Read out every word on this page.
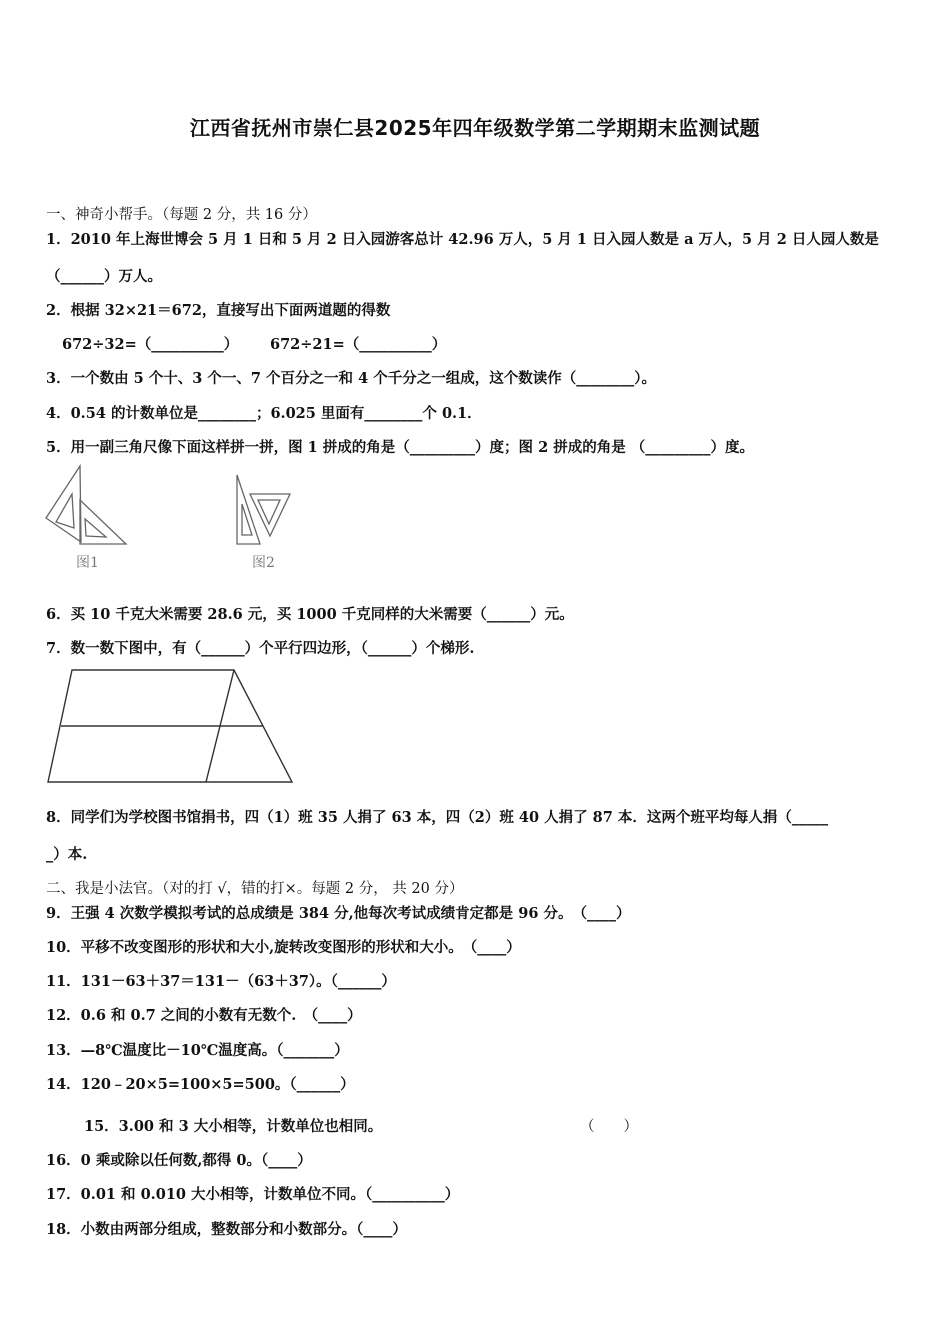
江西省抚州市崇仁县2025年四年级数学第二学期期末监测试题
一、神奇小帮手。（每题 2 分，共 16 分）
1．2010 年上海世博会 5 月 1 日和 5 月 2 日入园游客总计 42.96 万人，5 月 1 日入园人数是 a 万人，5 月 2 日人园人数是
（______）万人。
2．根据 32×21＝672，直接写出下面两道题的得数
672÷32=（__________） 672÷21=（__________）
3．一个数由 5 个十、3 个一、7 个百分之一和 4 个千分之一组成，这个数读作（________）。
4．0.54 的计数单位是________；6.025 里面有________个 0.1．
5．用一副三角尺像下面这样拼一拼，图 1 拼成的角是（_________）度；图 2 拼成的角是 （_________）度。
图1	图2
6．买 10 千克大米需要 28.6 元，买 1000 千克同样的大米需要（______）元。
7．数一数下图中，有（______）个平行四边形，（______）个梯形.
8．同学们为学校图书馆捐书，四（1）班 35 人捐了 63 本，四（2）班 40 人捐了 87 本．这两个班平均每人捐（_____
_）本.
二、我是小法官。（对的打 √，错的打×。每题 2 分， 共 20 分）
9．王强 4 次数学模拟考试的总成绩是 384 分,他每次考试成绩肯定都是 96 分。　（____）
10．平移不改变图形的形状和大小,旋转改变图形的形状和大小。　（____）
11．131－63＋37＝131－（63＋37）。（______）
12．0.6 和 0.7 之间的小数有无数个.　（____）
13．—8℃温度比－10℃温度高。（_______）
14．120﹣20×5=100×5=500。（______）
15．3.00 和 3 大小相等，计数单位也相同。	（　　）
16．0 乘或除以任何数,都得 0。（____）
17．0.01 和 0.010 大小相等，计数单位不同。（__________）
18．小数由两部分组成，整数部分和小数部分。（____）
